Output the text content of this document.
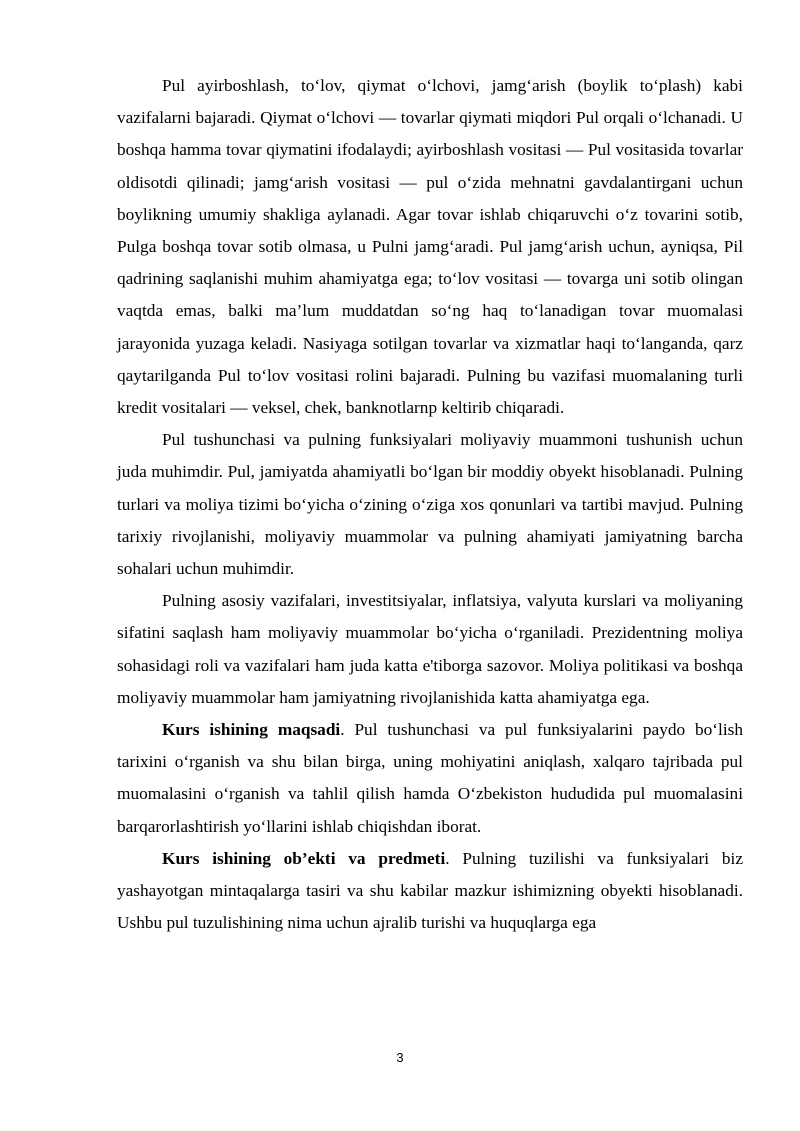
Pul ayirboshlash, to‘lov, qiymat o‘lchovi, jamg‘arish (boylik to‘plash) kabi vazifalarni bajaradi. Qiymat o‘lchovi — tovarlar qiymati miqdori Pul orqali o‘lchanadi. U boshqa hamma tovar qiymatini ifodalaydi; ayirboshlash vositasi — Pul vositasida tovarlar oldisotdi qilinadi; jamg‘arish vositasi — pul o‘zida mehnatni gavdalantirgani uchun boylikning umumiy shakliga aylanadi. Agar tovar ishlab chiqaruvchi o‘z tovarini sotib, Pulga boshqa tovar sotib olmasa, u Pulni jamg‘aradi. Pul jamg‘arish uchun, ayniqsa, Pil qadrining saqlanishi muhim ahamiyatga ega; to‘lov vositasi — tovarga uni sotib olingan vaqtda emas, balki ma’lum muddatdan so‘ng haq to‘lanadigan tovar muomalasi jarayonida yuzaga keladi. Nasiyaga sotilgan tovarlar va xizmatlar haqi to‘langanda, qarz qaytarilganda Pul to‘lov vositasi rolini bajaradi. Pulning bu vazifasi muomalaning turli kredit vositalari — veksel, chek, banknotlarnp keltirib chiqaradi.

Pul tushunchasi va pulning funksiyalari moliyaviy muammoni tushunish uchun juda muhimdir. Pul, jamiyatda ahamiyatli bo‘lgan bir moddiy obyekt hisoblanadi. Pulning turlari va moliya tizimi bo‘yicha o‘zining o‘ziga xos qonunlari va tartibi mavjud. Pulning tarixiy rivojlanishi, moliyaviy muammolar va pulning ahamiyati jamiyatning barcha sohalari uchun muhimdir.

Pulning asosiy vazifalari, investitsiyalar, inflatsiya, valyuta kurslari va moliyaning sifatini saqlash ham moliyaviy muammolar bo‘yicha o‘rganiladi. Prezidentning moliya sohasidagi roli va vazifalari ham juda katta e'tiborga sazovor. Moliya politikasi va boshqa moliyaviy muammolar ham jamiyatning rivojlanishida katta ahamiyatga ega.

Kurs ishining maqsadi. Pul tushunchasi va pul funksiyalarini paydo bo‘lish tarixini o‘rganish va shu bilan birga, uning mohiyatini aniqlash, xalqaro tajribada pul muomalasini o‘rganish va tahlil qilish hamda O‘zbekiston hududida pul muomalasini barqarorlashtirish yo‘llarini ishlab chiqishdan iborat.

Kurs ishining ob’ekti va predmeti. Pulning tuzilishi va funksiyalari biz yashayotgan mintaqalarga tasiri va shu kabilar mazkur ishimizning obyekti hisoblanadi. Ushbu pul tuzulishining nima uchun ajralib turishi va huquqlarga ega

3
